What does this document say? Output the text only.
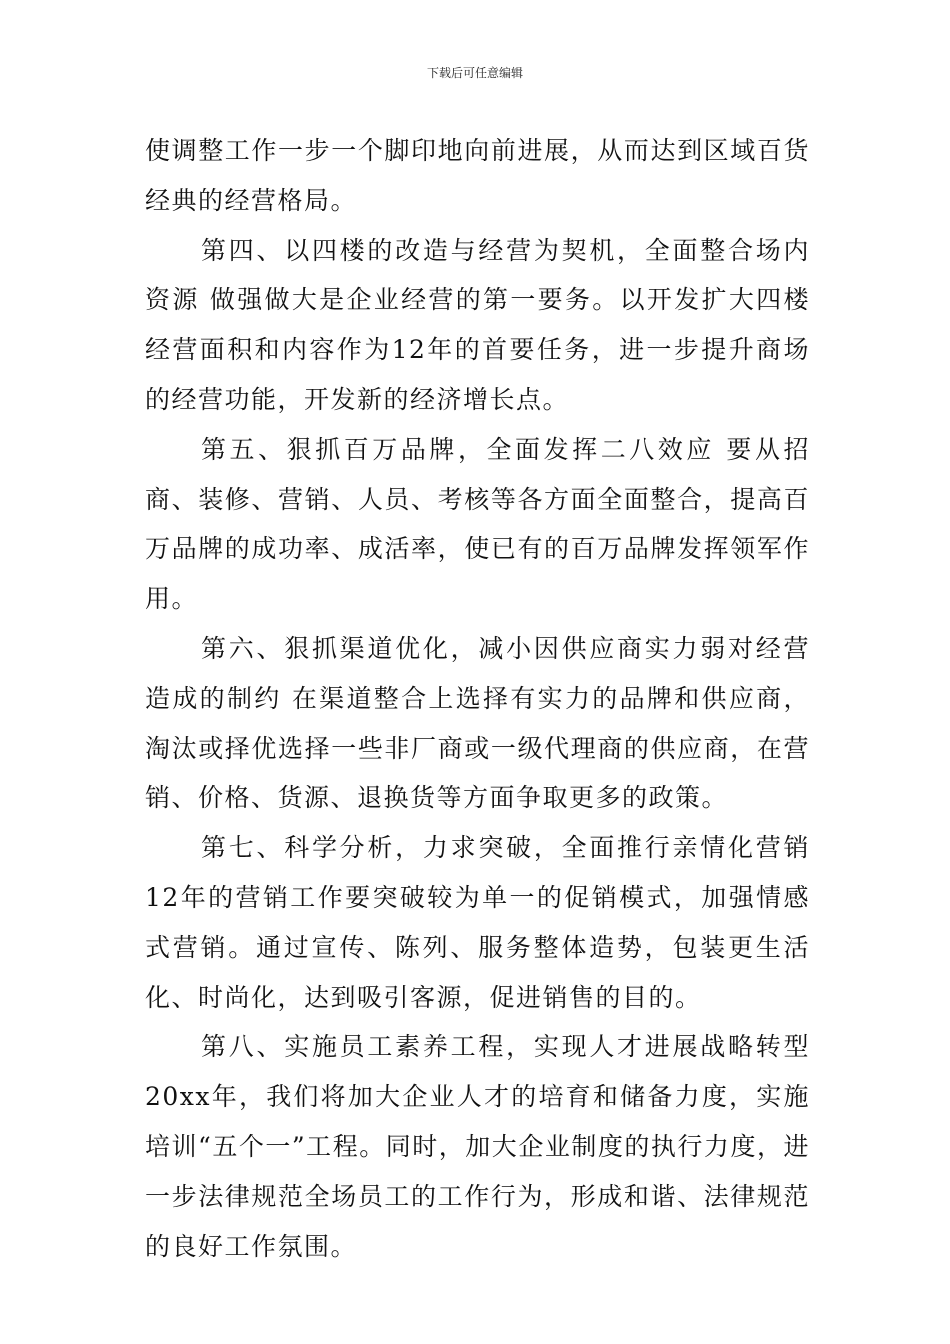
下载后可任意编辑

使调整工作一步一个脚印地向前进展，从而达到区域百货经典的经营格局。

第四、以四楼的改造与经营为契机，全面整合场内资源 做强做大是企业经营的第一要务。以开发扩大四楼经营面积和内容作为12年的首要任务，进一步提升商场的经营功能，开发新的经济增长点。

第五、狠抓百万品牌，全面发挥二八效应 要从招商、装修、营销、人员、考核等各方面全面整合，提高百万品牌的成功率、成活率，使已有的百万品牌发挥领军作用。

第六、狠抓渠道优化，减小因供应商实力弱对经营造成的制约 在渠道整合上选择有实力的品牌和供应商，淘汰或择优选择一些非厂商或一级代理商的供应商，在营销、价格、货源、退换货等方面争取更多的政策。

第七、科学分析，力求突破，全面推行亲情化营销 12年的营销工作要突破较为单一的促销模式，加强情感式营销。通过宣传、陈列、服务整体造势，包装更生活化、时尚化，达到吸引客源，促进销售的目的。

第八、实施员工素养工程，实现人才进展战略转型 20xx年，我们将加大企业人才的培育和储备力度，实施培训“五个一”工程。同时，加大企业制度的执行力度，进一步法律规范全场员工的工作行为，形成和谐、法律规范的良好工作氛围。
